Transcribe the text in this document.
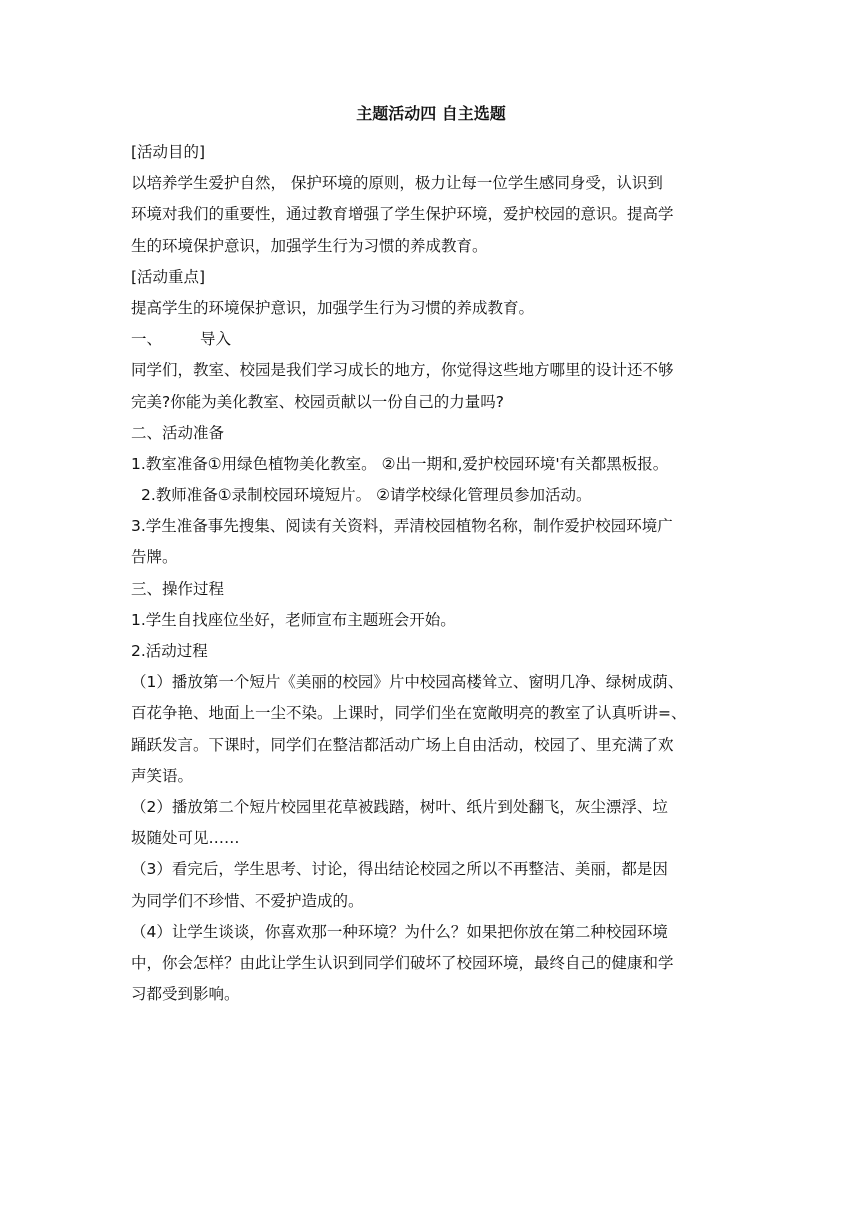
主题活动四 自主选题
[活动目的]
以培养学生爱护自然， 保护环境的原则，极力让每一位学生感同身受，认识到
环境对我们的重要性，通过教育增强了学生保护环境，爱护校园的意识。提高学
生的环境保护意识，加强学生行为习惯的养成教育。
[活动重点]
提高学生的环境保护意识，加强学生行为习惯的养成教育。
一、 导入
同学们，教室、校园是我们学习成长的地方，你觉得这些地方哪里的设计还不够
完美?你能为美化教室、校园贡献以一份自己的力量吗?
二、活动准备
1.教室准备①用绿色植物美化教室。 ②出一期和,爱护校园环境'有关都黑板报。
2.教师准备①录制校园环境短片。 ②请学校绿化管理员参加活动。
3.学生准备事先搜集、阅读有关资料，弄清校园植物名称，制作爱护校园环境广
告牌。
三、操作过程
1.学生自找座位坐好，老师宣布主题班会开始。
2.活动过程
（1）播放第一个短片《美丽的校园》片中校园高楼耸立、窗明几净、绿树成荫、
百花争艳、地面上一尘不染。上课时，同学们坐在宽敞明亮的教室了认真听讲=、
踊跃发言。下课时，同学们在整洁都活动广场上自由活动，校园了、里充满了欢
声笑语。
（2）播放第二个短片校园里花草被践踏，树叶、纸片到处翻飞，灰尘漂浮、垃
圾随处可见……
（3）看完后，学生思考、讨论，得出结论校园之所以不再整洁、美丽，都是因
为同学们不珍惜、不爱护造成的。
（4）让学生谈谈，你喜欢那一种环境？为什么？如果把你放在第二种校园环境
中，你会怎样？由此让学生认识到同学们破坏了校园环境，最终自己的健康和学
习都受到影响。
